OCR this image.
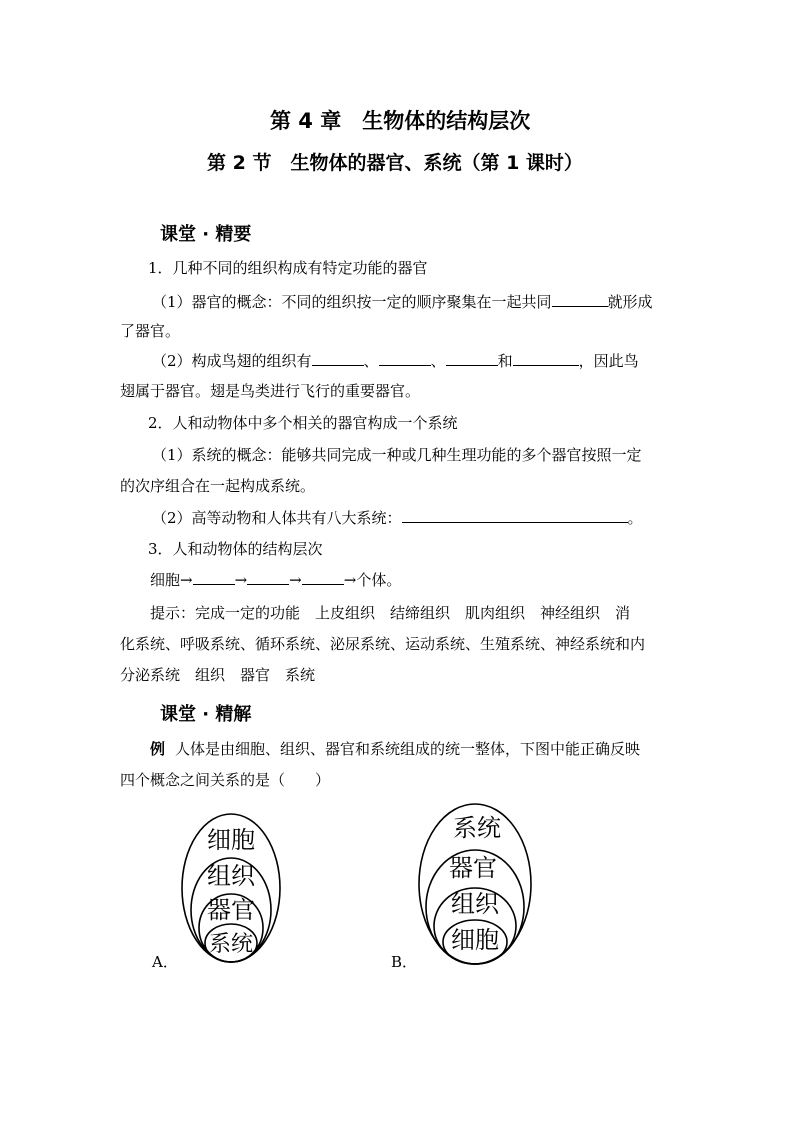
第 4 章　生物体的结构层次
第 2 节　生物体的器官、系统（第 1 课时）
课堂 · 精要
1．几种不同的组织构成有特定功能的器官
（1）器官的概念：不同的组织按一定的顺序聚集在一起共同	就形成
了器官。
（2）构成鸟翅的组织有	、	、	和	，因此鸟
翅属于器官。翅是鸟类进行飞行的重要器官。
2．人和动物体中多个相关的器官构成一个系统
（1）系统的概念：能够共同完成一种或几种生理功能的多个器官按照一定
的次序组合在一起构成系统。
（2）高等动物和人体共有八大系统：	。
3．人和动物体的结构层次
细胞→	→	→	→个体。
提示：完成一定的功能　上皮组织　结缔组织　肌肉组织　神经组织　消
化系统、呼吸系统、循环系统、泌尿系统、运动系统、生殖系统、神经系统和内
分泌系统　组织　器官　系统
课堂 · 精解
例 人体是由细胞、组织、器官和系统组成的统一整体，下图中能正确反映
四个概念之间关系的是（　　）
细胞
组织
器官
系统
A．
系统
器官
组织
细胞
B．
